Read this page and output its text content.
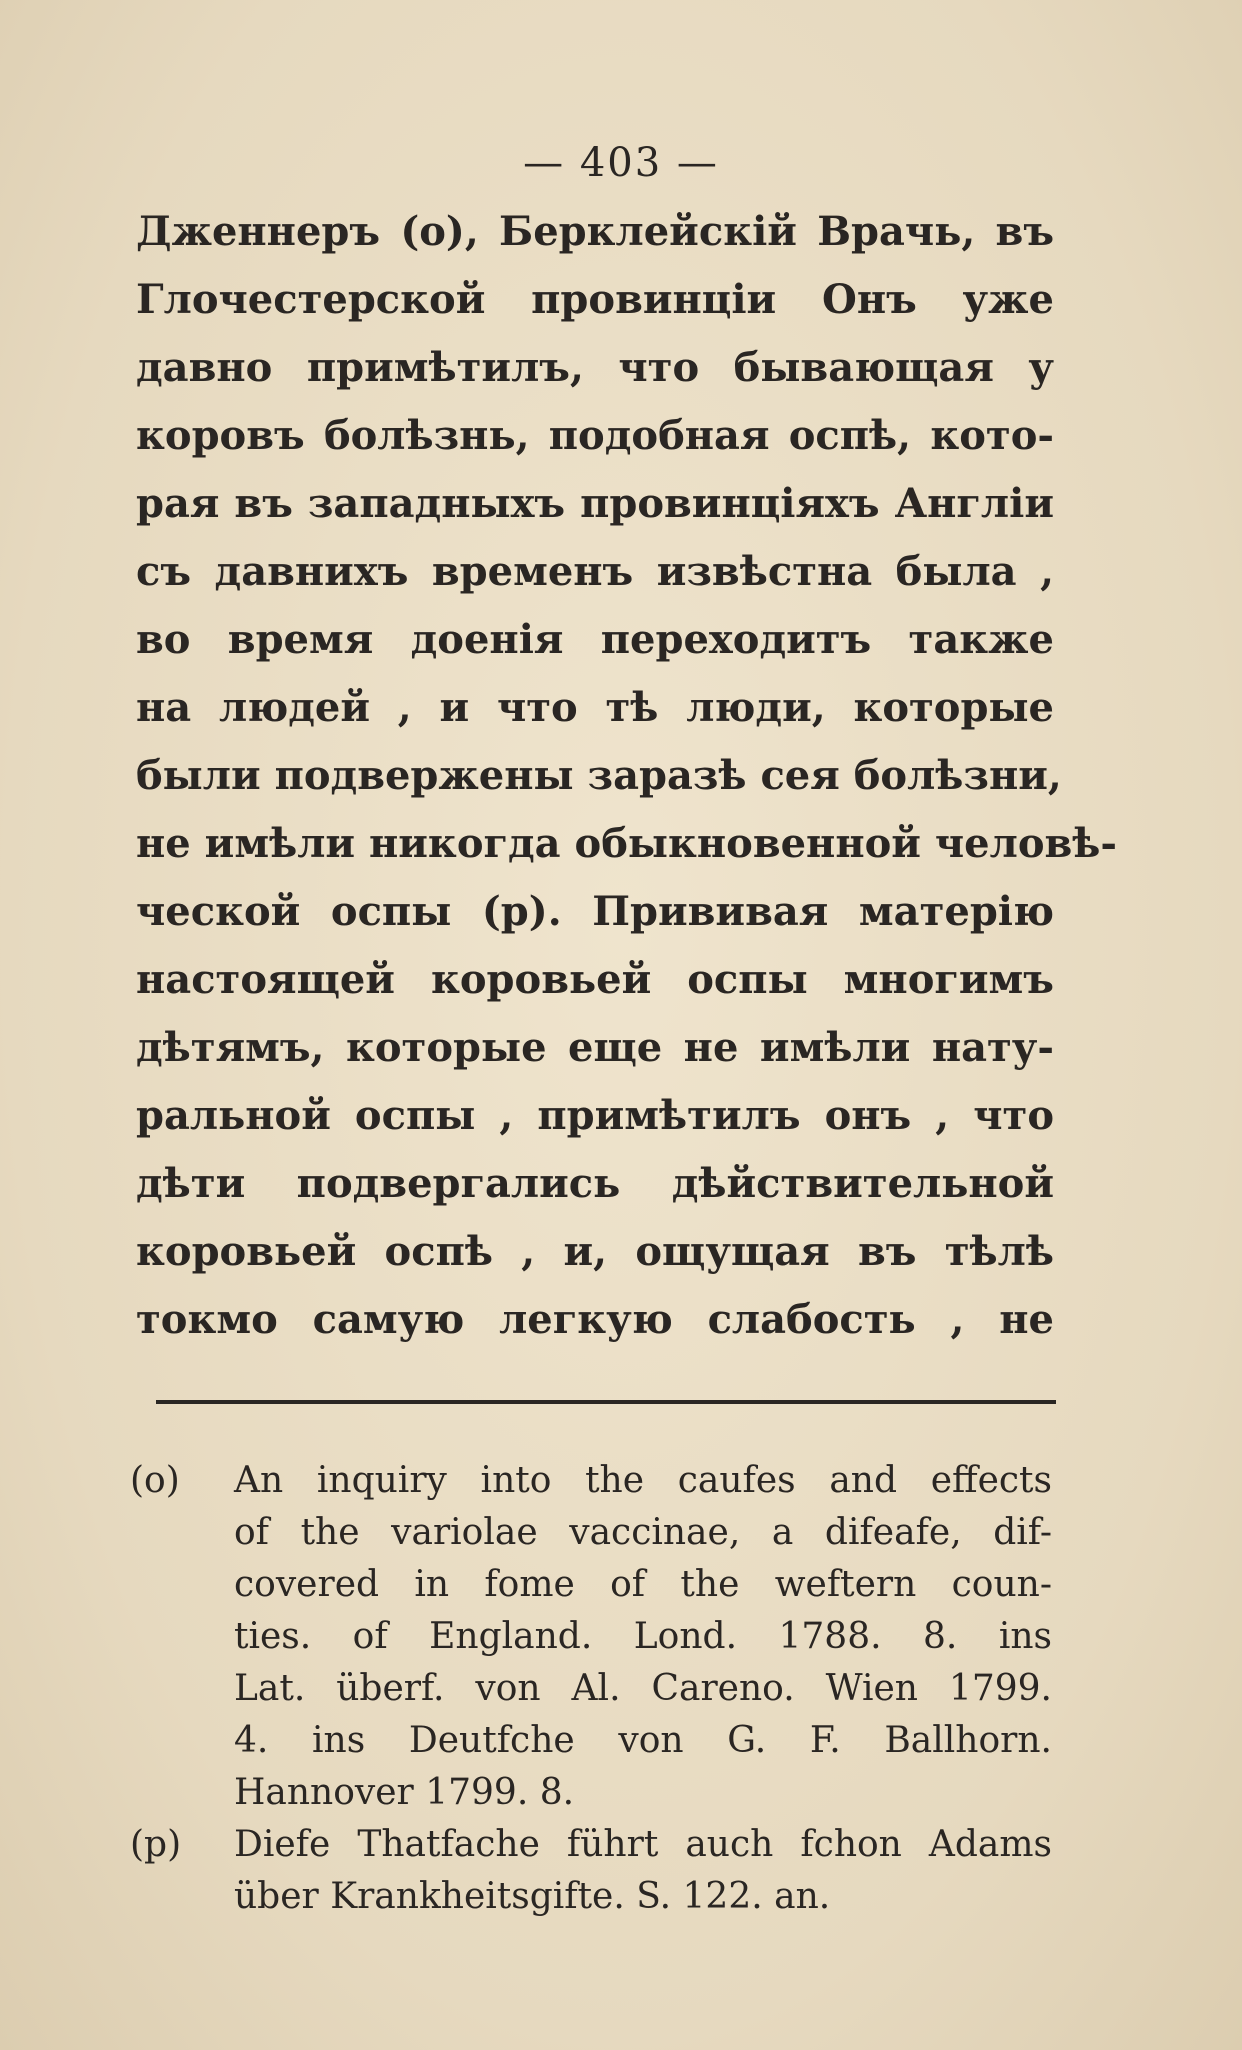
— 403 —
Дженнеръ (о), Берклейскій Врачь, въ
Глочестерской провинціи Онъ уже
давно примѣтилъ, что бывающая у
коровъ болѣзнь, подобная оспѣ, кото-
рая въ западныхъ провинціяхъ Англіи
съ давнихъ временъ извѣстна была ,
во время доенія переходитъ также
на людей , и что тѣ люди, которые
были подвержены заразѣ сея болѣзни,
не имѣли никогда обыкновенной человѣ-
ческой оспы (р). Прививая матерію
настоящей коровьей оспы многимъ
дѣтямъ, которые еще не имѣли нату-
ральной оспы , примѣтилъ онъ , что
дѣти подвергались дѣйствительной
коровьей оспѣ , и, ощущая въ тѣлѣ
токмо самую легкую слабость , не
(o) An inquiry into the caufes and effects
of the variolae vaccinae, a difeafe, dif-
covered in fome of the weftern coun-
ties. of England. Lond. 1788. 8. ins
Lat. überf. von Al. Careno. Wien 1799.
4. ins Deutfche von G. F. Ballhorn.
Hannover 1799. 8.
(p) Diefe Thatfache führt auch fchon Adams
über Krankheitsgifte. S. 122. an.
